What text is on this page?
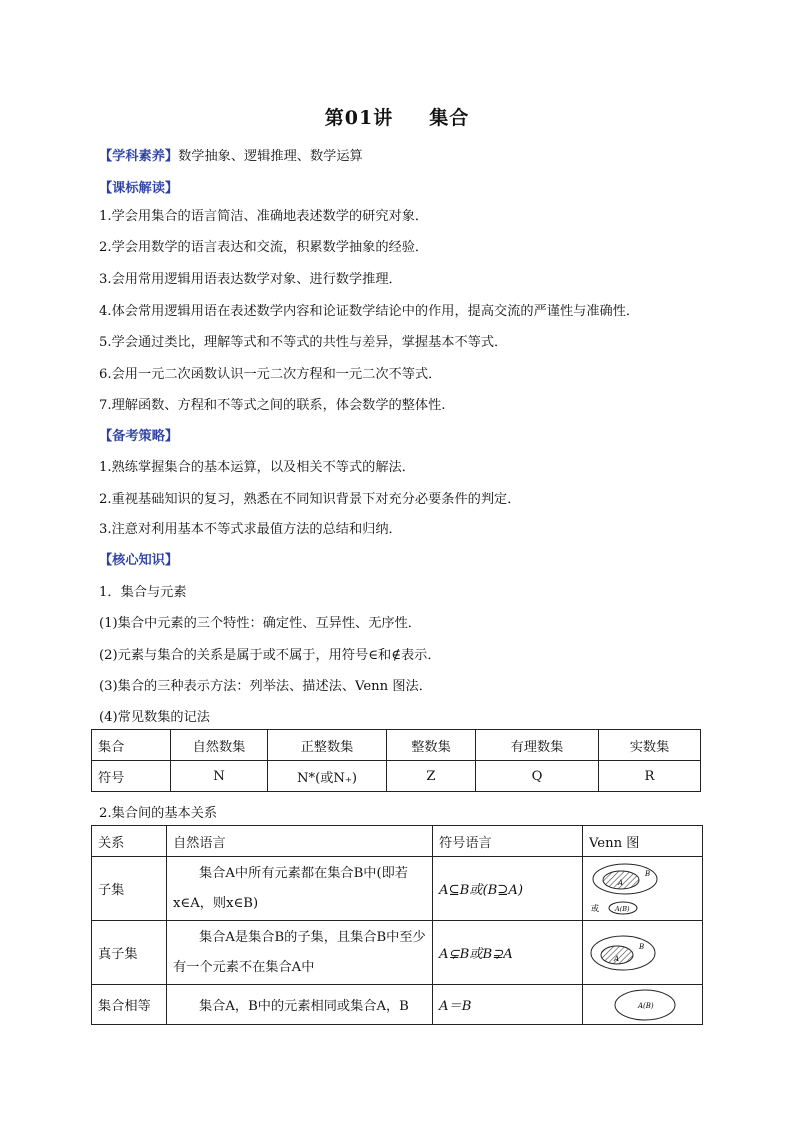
第01讲 集合
【学科素养】数学抽象、逻辑推理、数学运算
【课标解读】
1.学会用集合的语言简洁、准确地表述数学的研究对象．
2.学会用数学的语言表达和交流，积累数学抽象的经验．
3.会用常用逻辑用语表达数学对象、进行数学推理．
4.体会常用逻辑用语在表述数学内容和论证数学结论中的作用，提高交流的严谨性与准确性．
5.学会通过类比，理解等式和不等式的共性与差异，掌握基本不等式．
6.会用一元二次函数认识一元二次方程和一元二次不等式．
7.理解函数、方程和不等式之间的联系，体会数学的整体性.
【备考策略】
1.熟练掌握集合的基本运算，以及相关不等式的解法．
2.重视基础知识的复习，熟悉在不同知识背景下对充分必要条件的判定．
3.注意对利用基本不等式求最值方法的总结和归纳．
【核心知识】
1．集合与元素
(1)集合中元素的三个特性：确定性、互异性、无序性．
(2)元素与集合的关系是属于或不属于，用符号∈和∉表示．
(3)集合的三种表示方法：列举法、描述法、Venn 图法．
(4)常见数集的记法
集合	自然数集	正整数集	整数集	有理数集	实数集
符号	N	N*(或N₊)	Z	Q	R
2.集合间的基本关系
关系	自然语言	符号语言	Venn 图
子集	集合A中所有元素都在集合B中(即若x∈A，则x∈B)	A⊆B或(B⊇A)	B
A
或 A(B)

真子集	集合A是集合B的子集，且集合B中至少有一个元素不在集合A中	A⊊B或B⊋A	B
A

集合相等	集合A，B中的元素相同或集合A，B	A＝B	A(B)
